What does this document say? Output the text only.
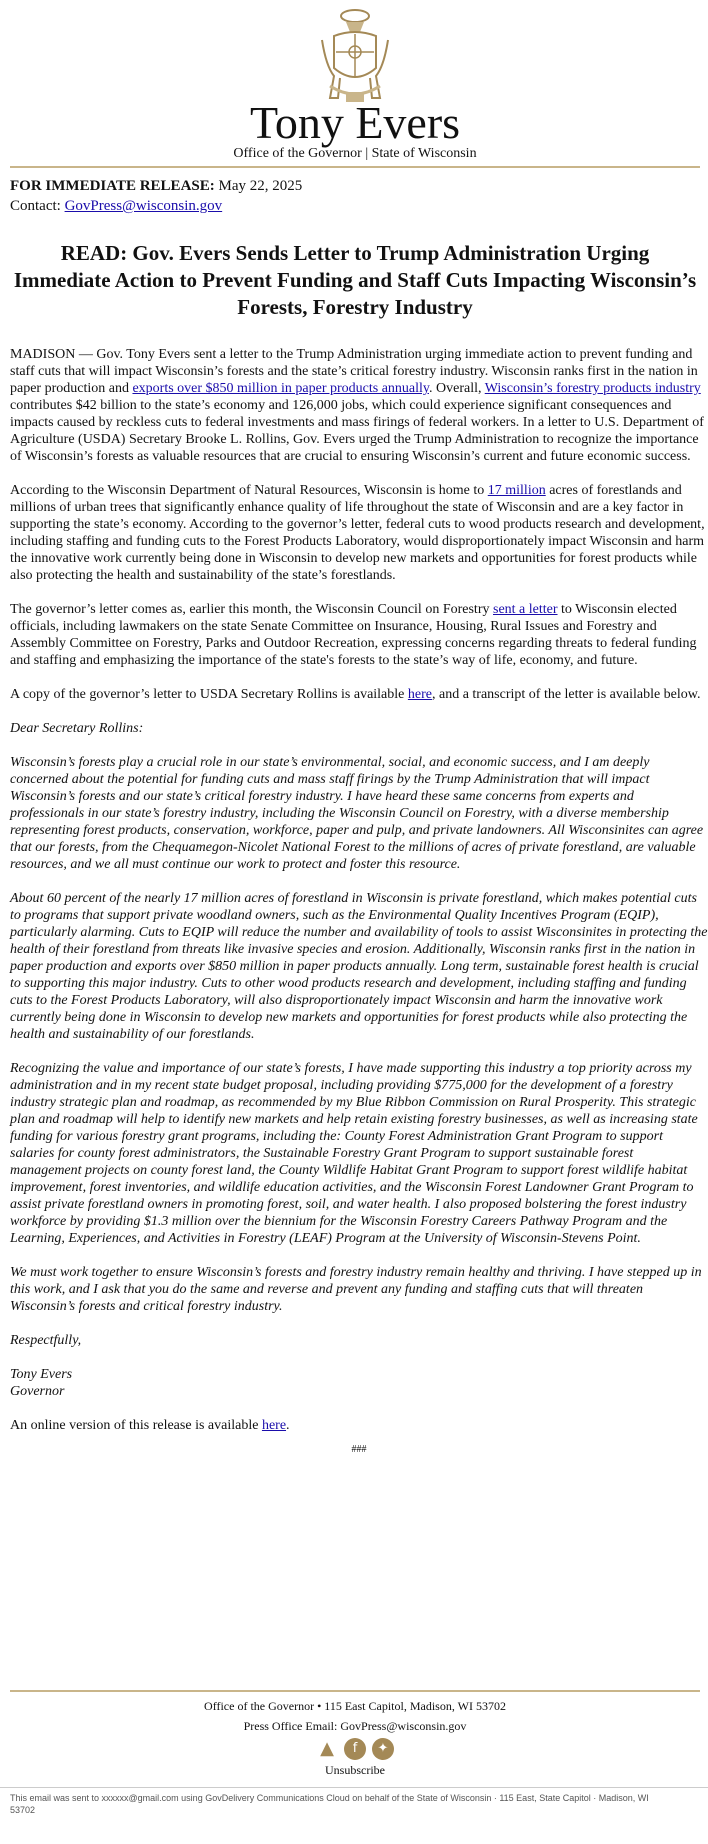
Tony Evers
Office of the Governor | State of Wisconsin
FOR IMMEDIATE RELEASE: May 22, 2025
Contact: GovPress@wisconsin.gov
READ: Gov. Evers Sends Letter to Trump Administration Urging Immediate Action to Prevent Funding and Staff Cuts Impacting Wisconsin’s Forests, Forestry Industry

MADISON — Gov. Tony Evers sent a letter to the Trump Administration urging immediate action to prevent funding and staff cuts that will impact Wisconsin’s forests and the state’s critical forestry industry. Wisconsin ranks first in the nation in paper production and exports over $850 million in paper products annually. Overall, Wisconsin’s forestry products industry contributes $42 billion to the state’s economy and 126,000 jobs, which could experience significant consequences and impacts caused by reckless cuts to federal investments and mass firings of federal workers. In a letter to U.S. Department of Agriculture (USDA) Secretary Brooke L. Rollins, Gov. Evers urged the Trump Administration to recognize the importance of Wisconsin’s forests as valuable resources that are crucial to ensuring Wisconsin’s current and future economic success.

According to the Wisconsin Department of Natural Resources, Wisconsin is home to 17 million acres of forestlands and millions of urban trees that significantly enhance quality of life throughout the state of Wisconsin and are a key factor in supporting the state’s economy. According to the governor’s letter, federal cuts to wood products research and development, including staffing and funding cuts to the Forest Products Laboratory, would disproportionately impact Wisconsin and harm the innovative work currently being done in Wisconsin to develop new markets and opportunities for forest products while also protecting the health and sustainability of the state’s forestlands.

The governor’s letter comes as, earlier this month, the Wisconsin Council on Forestry sent a letter to Wisconsin elected officials, including lawmakers on the state Senate Committee on Insurance, Housing, Rural Issues and Forestry and Assembly Committee on Forestry, Parks and Outdoor Recreation, expressing concerns regarding threats to federal funding and staffing and emphasizing the importance of the state's forests to the state’s way of life, economy, and future.

A copy of the governor’s letter to USDA Secretary Rollins is available here, and a transcript of the letter is available below.

Dear Secretary Rollins:

Wisconsin’s forests play a crucial role in our state’s environmental, social, and economic success, and I am deeply concerned about the potential for funding cuts and mass staff firings by the Trump Administration that will impact Wisconsin’s forests and our state’s critical forestry industry. I have heard these same concerns from experts and professionals in our state’s forestry industry, including the Wisconsin Council on Forestry, with a diverse membership representing forest products, conservation, workforce, paper and pulp, and private landowners. All Wisconsinites can agree that our forests, from the Chequamegon-Nicolet National Forest to the millions of acres of private forestland, are valuable resources, and we all must continue our work to protect and foster this resource.

About 60 percent of the nearly 17 million acres of forestland in Wisconsin is private forestland, which makes potential cuts to programs that support private woodland owners, such as the Environmental Quality Incentives Program (EQIP), particularly alarming. Cuts to EQIP will reduce the number and availability of tools to assist Wisconsinites in protecting the health of their forestland from threats like invasive species and erosion. Additionally, Wisconsin ranks first in the nation in paper production and exports over $850 million in paper products annually. Long term, sustainable forest health is crucial to supporting this major industry. Cuts to other wood products research and development, including staffing and funding cuts to the Forest Products Laboratory, will also disproportionately impact Wisconsin and harm the innovative work currently being done in Wisconsin to develop new markets and opportunities for forest products while also protecting the health and sustainability of our forestlands.

Recognizing the value and importance of our state’s forests, I have made supporting this industry a top priority across my administration and in my recent state budget proposal, including providing $775,000 for the development of a forestry industry strategic plan and roadmap, as recommended by my Blue Ribbon Commission on Rural Prosperity. This strategic plan and roadmap will help to identify new markets and help retain existing forestry businesses, as well as increasing state funding for various forestry grant programs, including the: County Forest Administration Grant Program to support salaries for county forest administrators, the Sustainable Forestry Grant Program to support sustainable forest management projects on county forest land, the County Wildlife Habitat Grant Program to support forest wildlife habitat improvement, forest inventories, and wildlife education activities, and the Wisconsin Forest Landowner Grant Program to assist private forestland owners in promoting forest, soil, and water health. I also proposed bolstering the forest industry workforce by providing $1.3 million over the biennium for the Wisconsin Forestry Careers Pathway Program and the Learning, Experiences, and Activities in Forestry (LEAF) Program at the University of Wisconsin-Stevens Point.

We must work together to ensure Wisconsin’s forests and forestry industry remain healthy and thriving. I have stepped up in this work, and I ask that you do the same and reverse and prevent any funding and staffing cuts that will threaten Wisconsin’s forests and critical forestry industry.

Respectfully,

Tony Evers
Governor

An online version of this release is available here.

###
Office of the Governor • 115 East Capitol, Madison, WI 53702
Press Office Email: GovPress@wisconsin.gov
▲	f	✦
Unsubscribe
This email was sent to xxxxxx@gmail.com using GovDelivery Communications Cloud on behalf of the State of Wisconsin · 115 East, State Capitol · Madison, WI 53702
